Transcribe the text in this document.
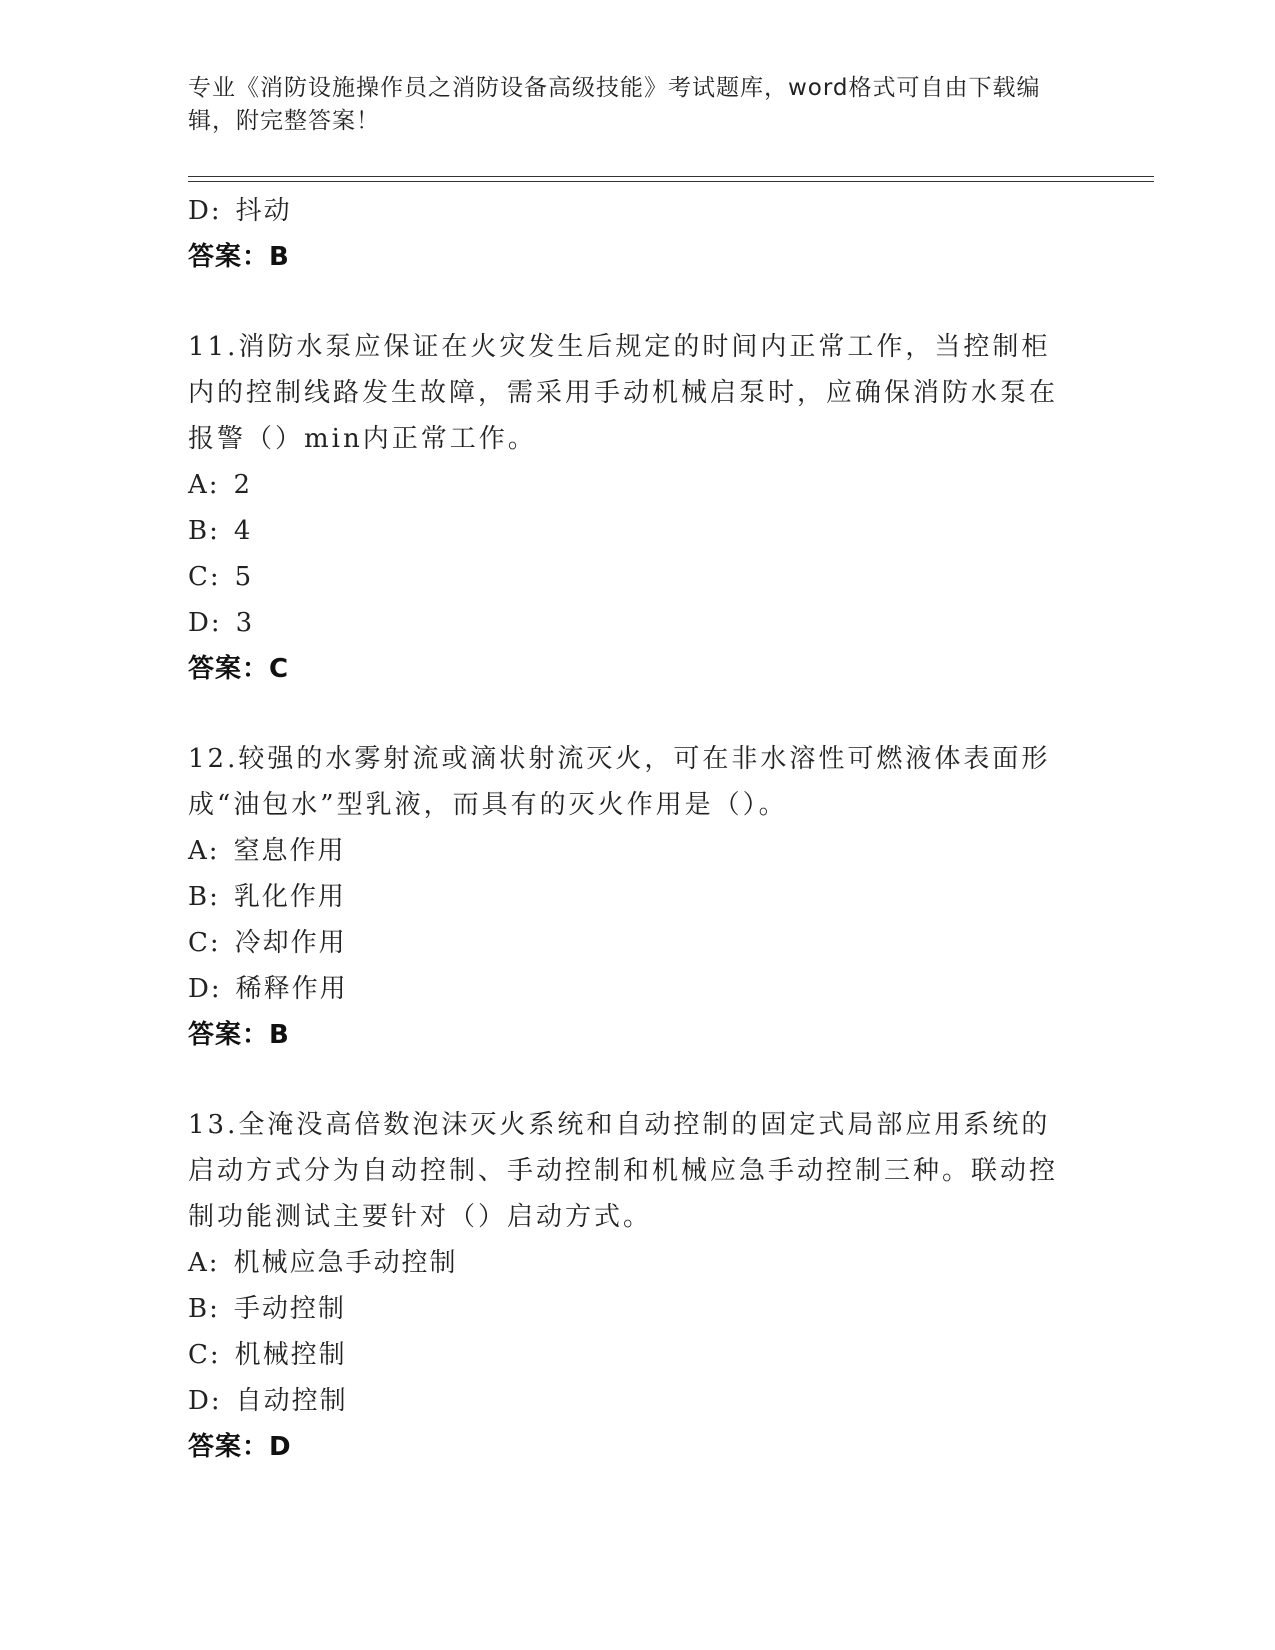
专业《消防设施操作员之消防设备高级技能》考试题库，word格式可自由下载编辑，附完整答案！
D: 抖动
答案：B
11.消防水泵应保证在火灾发生后规定的时间内正常工作，当控制柜内的控制线路发生故障，需采用手动机械启泵时，应确保消防水泵在报警（）min内正常工作。
A: 2
B: 4
C: 5
D: 3
答案：C
12.较强的水雾射流或滴状射流灭火，可在非水溶性可燃液体表面形成“油包水”型乳液，而具有的灭火作用是（）。
A: 窒息作用
B: 乳化作用
C: 冷却作用
D: 稀释作用
答案：B
13.全淹没高倍数泡沫灭火系统和自动控制的固定式局部应用系统的启动方式分为自动控制、手动控制和机械应急手动控制三种。联动控制功能测试主要针对（）启动方式。
A: 机械应急手动控制
B: 手动控制
C: 机械控制
D: 自动控制
答案：D
